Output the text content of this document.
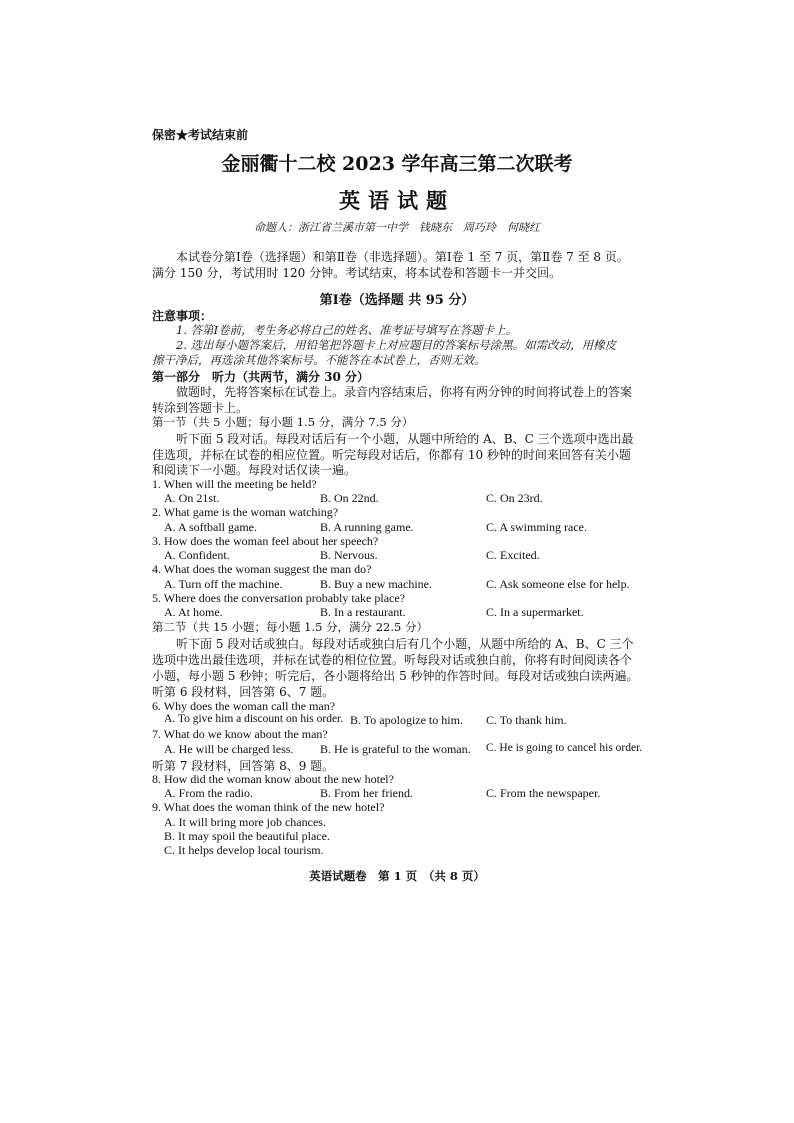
保密★考试结束前
金丽衢十二校 2023 学年高三第二次联考
英语试题
命题人：浙江省兰溪市第一中学　钱晓东　周巧玲　何晓红
本试卷分第Ⅰ卷（选择题）和第Ⅱ卷（非选择题）。第Ⅰ卷 1 至 7 页，第Ⅱ卷 7 至 8 页。
满分 150 分，考试用时 120 分钟。考试结束，将本试卷和答题卡一并交回。
第Ⅰ卷（选择题 共 95 分）
注意事项：
1. 答第Ⅰ卷前，考生务必将自己的姓名、准考证号填写在答题卡上。
2. 选出每小题答案后，用铅笔把答题卡上对应题目的答案标号涂黑。如需改动，用橡皮
擦干净后，再选涂其他答案标号。不能答在本试卷上，否则无效。
第一部分　听力（共两节，满分 30 分）
做题时，先将答案标在试卷上。录音内容结束后，你将有两分钟的时间将试卷上的答案
转涂到答题卡上。
第一节（共 5 小题；每小题 1.5 分，满分 7.5 分）
听下面 5 段对话。每段对话后有一个小题，从题中所给的 A、B、C 三个选项中选出最
佳选项，并标在试卷的相应位置。听完每段对话后，你都有 10 秒钟的时间来回答有关小题
和阅读下一小题。每段对话仅读一遍。
1. When will the meeting be held?
A. On 21st.	B. On 22nd.	C. On 23rd.
2. What game is the woman watching?
A. A softball game.	B. A running game.	C. A swimming race.
3. How does the woman feel about her speech?
A. Confident.	B. Nervous.	C. Excited.
4. What does the woman suggest the man do?
A. Turn off the machine.	B. Buy a new machine.	C. Ask someone else for help.
5. Where does the conversation probably take place?
A. At home.	B. In a restaurant.	C. In a supermarket.
第二节（共 15 小题；每小题 1.5 分，满分 22.5 分）
听下面 5 段对话或独白。每段对话或独白后有几个小题，从题中所给的 A、B、C 三个
选项中选出最佳选项，并标在试卷的相位位置。听每段对话或独白前，你将有时间阅读各个
小题，每小题 5 秒钟；听完后，各小题将给出 5 秒钟的作答时间。每段对话或独白读两遍。
听第 6 段材料，回答第 6、7 题。
6. Why does the woman call the man?
A. To give him a discount on his order. B. To apologize to him. C. To thank him.
7. What do we know about the man?
A. He will be charged less. B. He is grateful to the woman. C. He is going to cancel his order.
听第 7 段材料，回答第 8、9 题。
8. How did the woman know about the new hotel?
A. From the radio.	B. From her friend.	C. From the newspaper.
9. What does the woman think of the new hotel?
A. It will bring more job chances.
B. It may spoil the beautiful place.
C. It helps develop local tourism.
英语试题卷　第 1 页　（共 8 页）
